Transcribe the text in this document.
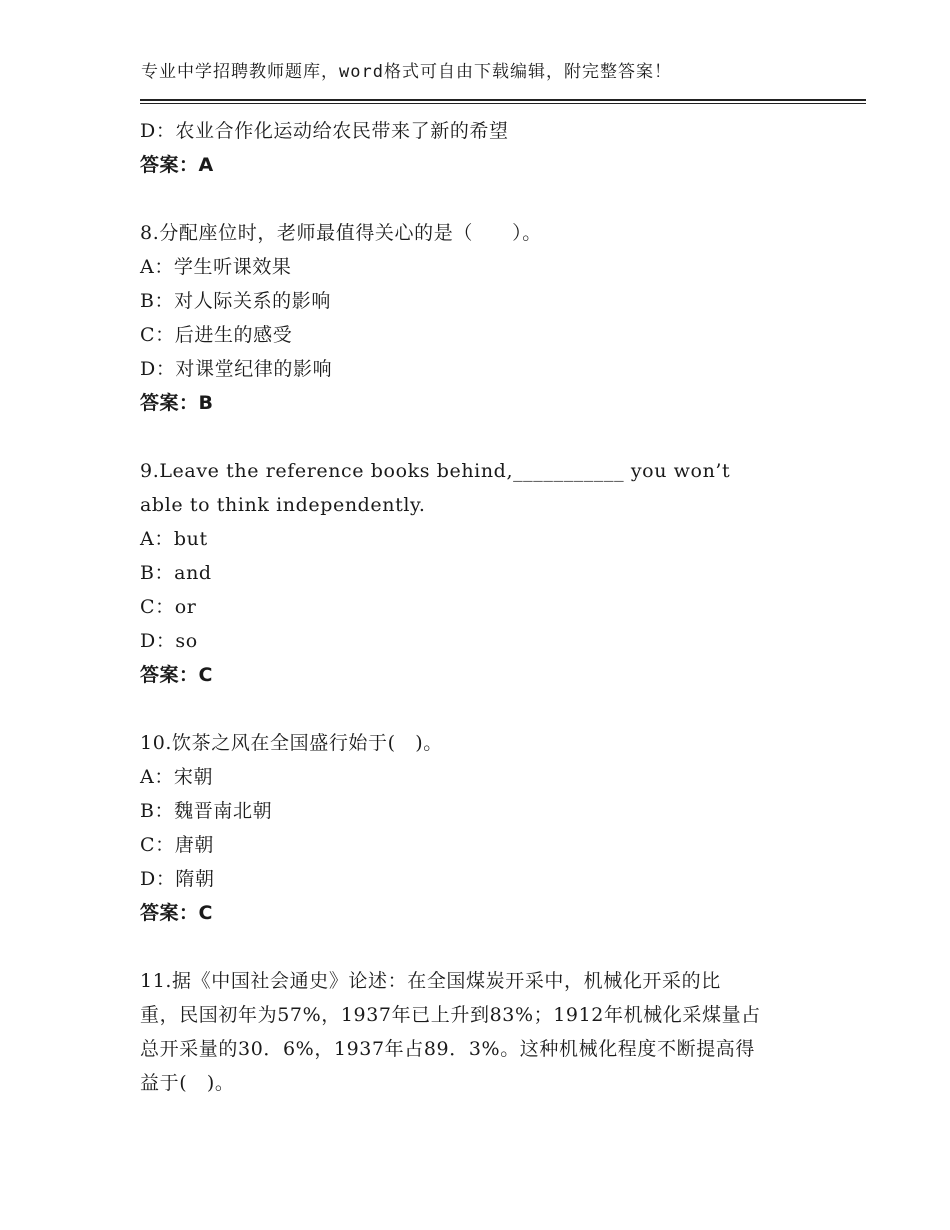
专业中学招聘教师题库，word格式可自由下载编辑，附完整答案！
D：农业合作化运动给农民带来了新的希望
答案：A
8.分配座位时，老师最值得关心的是（　　）。
A：学生听课效果
B：对人际关系的影响
C：后进生的感受
D：对课堂纪律的影响
答案：B
9.Leave the reference books behind,___________ you won’t
able to think independently.
A：but
B：and
C：or
D：so
答案：C
10.饮茶之风在全国盛行始于(　)。
A：宋朝
B：魏晋南北朝
C：唐朝
D：隋朝
答案：C
11.据《中国社会通史》论述：在全国煤炭开采中，机械化开采的比
重，民国初年为57%，1937年已上升到83%；1912年机械化采煤量占
总开采量的30．6%，1937年占89．3%。这种机械化程度不断提高得
益于(　)。
